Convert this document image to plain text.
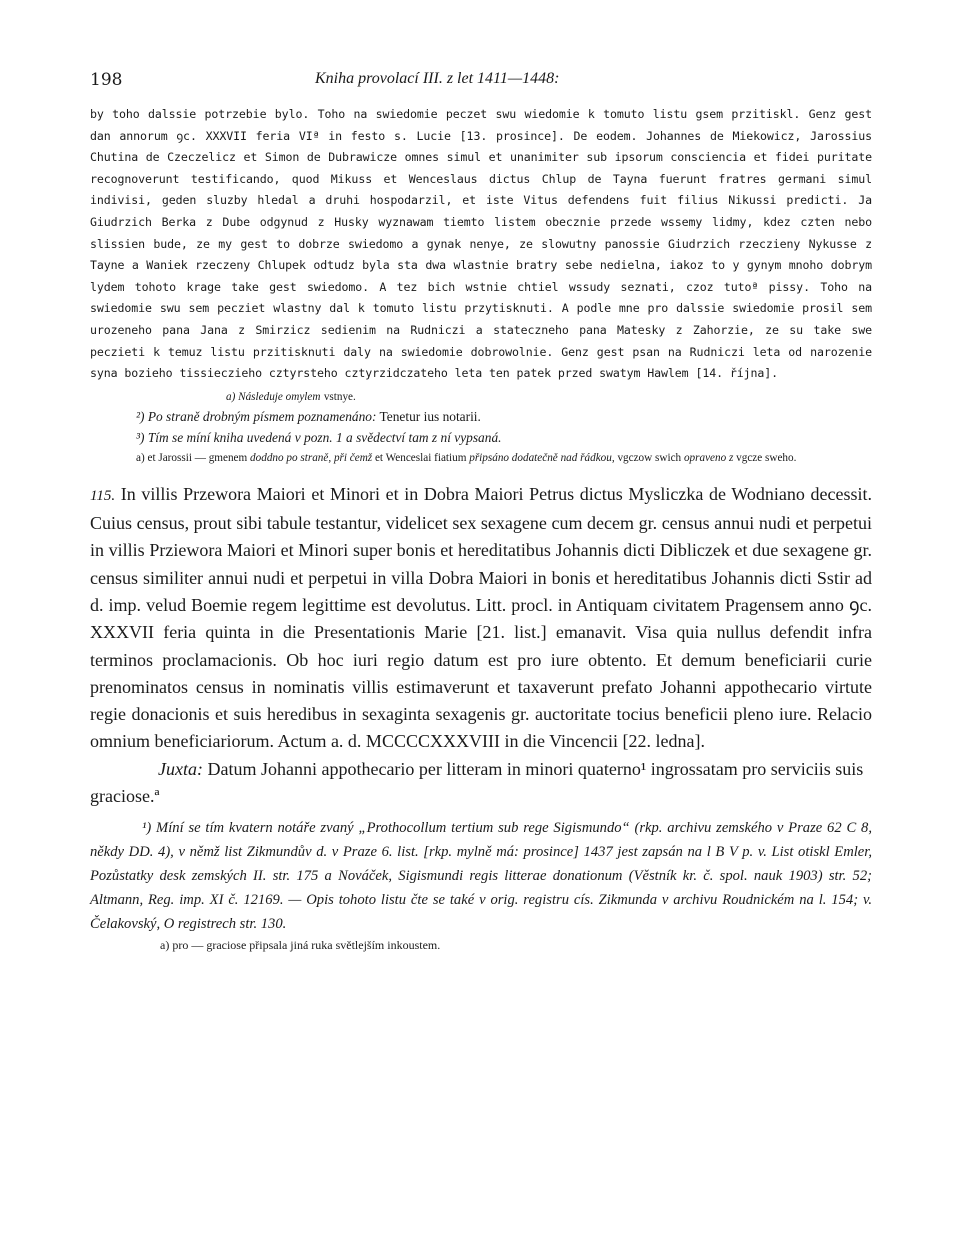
198	Kniha provolací III. z let 1411—1448:

by toho dalssie potrzebie bylo. Toho na swiedomie peczet swu wiedomie k tomuto listu gsem przitiskl. Genz gest dan annorum ꝯc. XXXVII feria VIª in festo s. Lucie [13. prosince]. De eodem. Johannes de Miekowicz, Jarossius Chutina de Czeczelicz et Simon de Dubrawicze omnes simul et unanimiter sub ipsorum consciencia et fidei puritate recognoverunt testificando, quod Mikuss et Wenceslaus dictus Chlup de Tayna fuerunt fratres germani simul indivisi, geden sluzby hledal a druhi hospodarzil, et iste Vitus defendens fuit filius Nikussi predicti. Ja Giudrzich Berka z Dube odgynud z Husky wyznawam tiemto listem obecznie przede wssemy lidmy, kdez czten nebo slissien bude, ze my gest to dobrze swiedomo a gynak nenye, ze slowutny panossie Giudrzich rzeczieny Nykusse z Tayne a Waniek rzeczeny Chlupek odtudz byla sta dwa wlastnie bratry sebe nedielna, iakoz to y gynym mnoho dobrym lydem tohoto krage take gest swiedomo. A tez bich wstnie chtiel wssudy seznati, czoz tutoª pissy. Toho na swiedomie swu sem pecziet wlastny dal k tomuto listu przytisknuti. A podle mne pro dalssie swiedomie prosil sem urozeneho pana Jana z Smirzicz sedienim na Rudniczi a stateczneho pana Matesky z Zahorzie, ze su take swe peczieti k temuz listu przitisknuti daly na swiedomie dobrowolnie. Genz gest psan na Rudniczi leta od narozenie syna bozieho tissieczieho cztyrsteho cztyrzidczateho leta ten patek przed swatym Hawlem [14. října].

a) Následuje omylem vstnye.
²) Po straně drobným písmem poznamenáno: Tenetur ius notarii.
³) Tím se míní kniha uvedená v pozn. 1 a svědectví tam z ní vypsaná.
a) et Jarossii — gmenem doddno po straně, při čemž et Wenceslai fiatium připsáno dodatečně nad řádkou, vgczow swich opraveno z vgcze sweho.

115. In villis Przewora Maiori et Minori et in Dobra Maiori Petrus dictus Mysliczka de Wodniano decessit. Cuius census, prout sibi tabule testantur, videlicet sex sexagene cum decem gr. census annui nudi et perpetui in villis Przieworа Maiori et Minori super bonis et hereditatibus Johannis dicti Dibliczek et due sexagene gr. census similiter annui nudi et perpetui in villa Dobra Maiori in bonis et hereditatibus Johannis dicti Sstir ad d. imp. velud Boemie regem legittime est devolutus. Litt. procl. in Antiquam civitatem Pragensem anno ꝯc. XXXVII feria quinta in die Presentationis Marie [21. list.] emanavit. Visa quia nullus defendit infra terminos proclamacionis. Ob hoc iuri regio datum est pro iure obtento. Et demum beneficiarii curie prenominatos census in nominatis villis estimaverunt et taxaverunt prefato Johanni appothecario virtute regie donacionis et suis heredibus in sexaginta sexagenis gr. auctoritate tocius beneficii pleno iure. Relacio omnium beneficiariorum. Actum a. d. MCCCCXXXVIII in die Vincencii [22. ledna].

Juxta: Datum Johanni appothecario per litteram in minori quaterno¹ ingrossatam pro serviciis suis graciose.ª

¹) Míní se tím kvatern notáře zvaný „Prothocollum tertium sub rege Sigismundo“ (rkp. archivu zemského v Praze 62 C 8, někdy DD. 4), v němž list Zikmundův d. v Praze 6. list. [rkp. mylně má: prosince] 1437 jest zapsán na l B V p. v. List otiskl Emler, Pozůstatky desk zemských II. str. 175 a Nováček, Sigismundi regis litterae donationum (Věstník kr. č. spol. nauk 1903) str. 52; Altmann, Reg. imp. XI č. 12169. — Opis tohoto listu čte se také v orig. registru cís. Zikmunda v archivu Roudnickém na l. 154; v. Čelakovský, O registrech str. 130.
a) pro — graciose připsala jiná ruka světlejším inkoustem.
